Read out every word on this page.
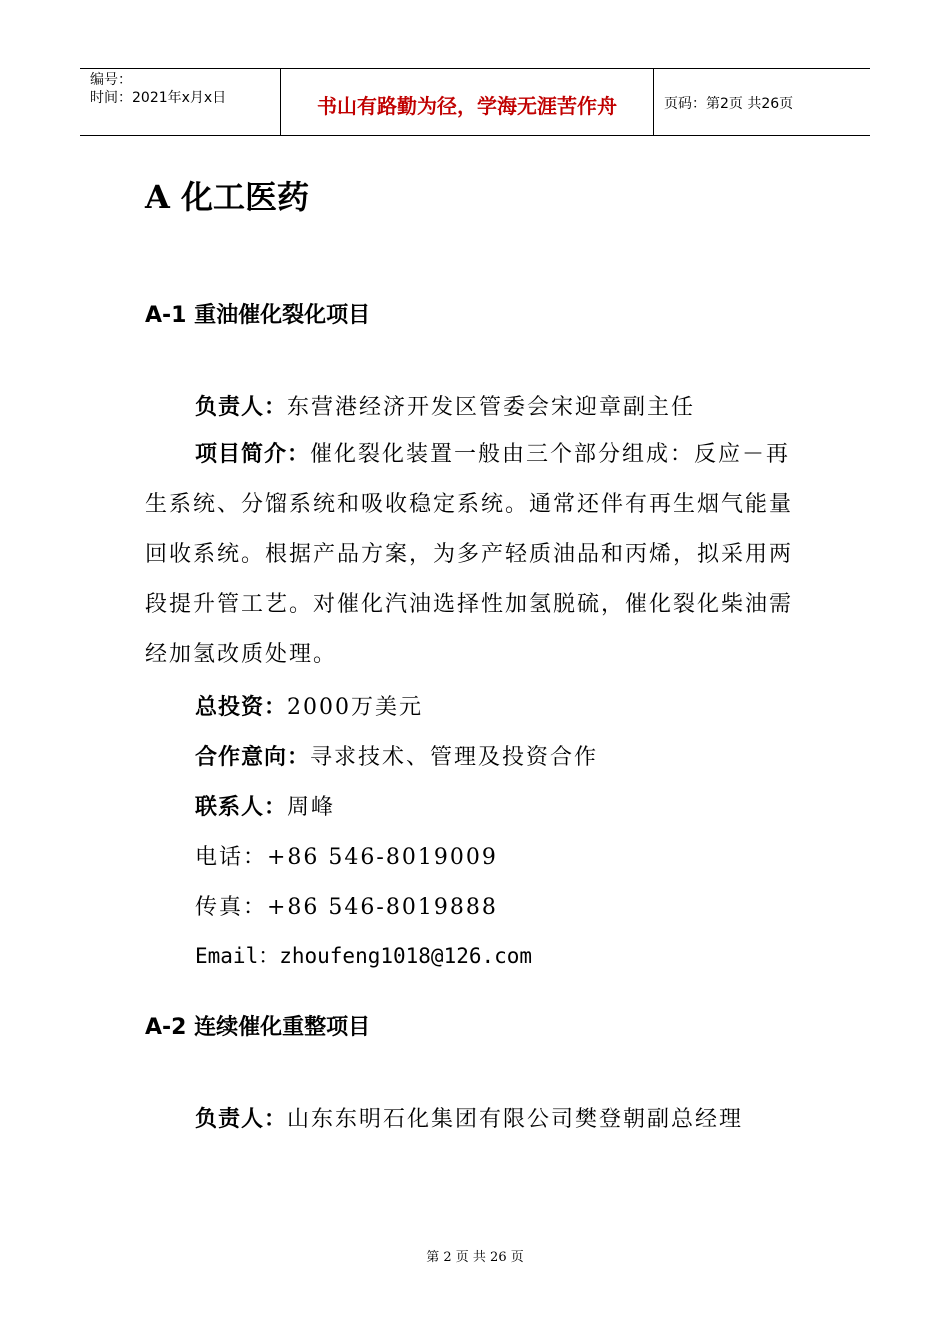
编号：
时间：2021年x月x日	书山有路勤为径，学海无涯苦作舟	页码：第2页 共26页
A 化工医药
A-1 重油催化裂化项目
负责人：东营港经济开发区管委会宋迎章副主任
项目简介：催化裂化装置一般由三个部分组成：反应－再生系统、分馏系统和吸收稳定系统。通常还伴有再生烟气能量回收系统。根据产品方案，为多产轻质油品和丙烯，拟采用两段提升管工艺。对催化汽油选择性加氢脱硫，催化裂化柴油需经加氢改质处理。
总投资：2000万美元
合作意向：寻求技术、管理及投资合作
联系人：周峰
电话：+86 546-8019009
传真：+86 546-8019888
Email：zhoufeng1018@126.com
A-2 连续催化重整项目
负责人：山东东明石化集团有限公司樊登朝副总经理
第 2 页 共 26 页
